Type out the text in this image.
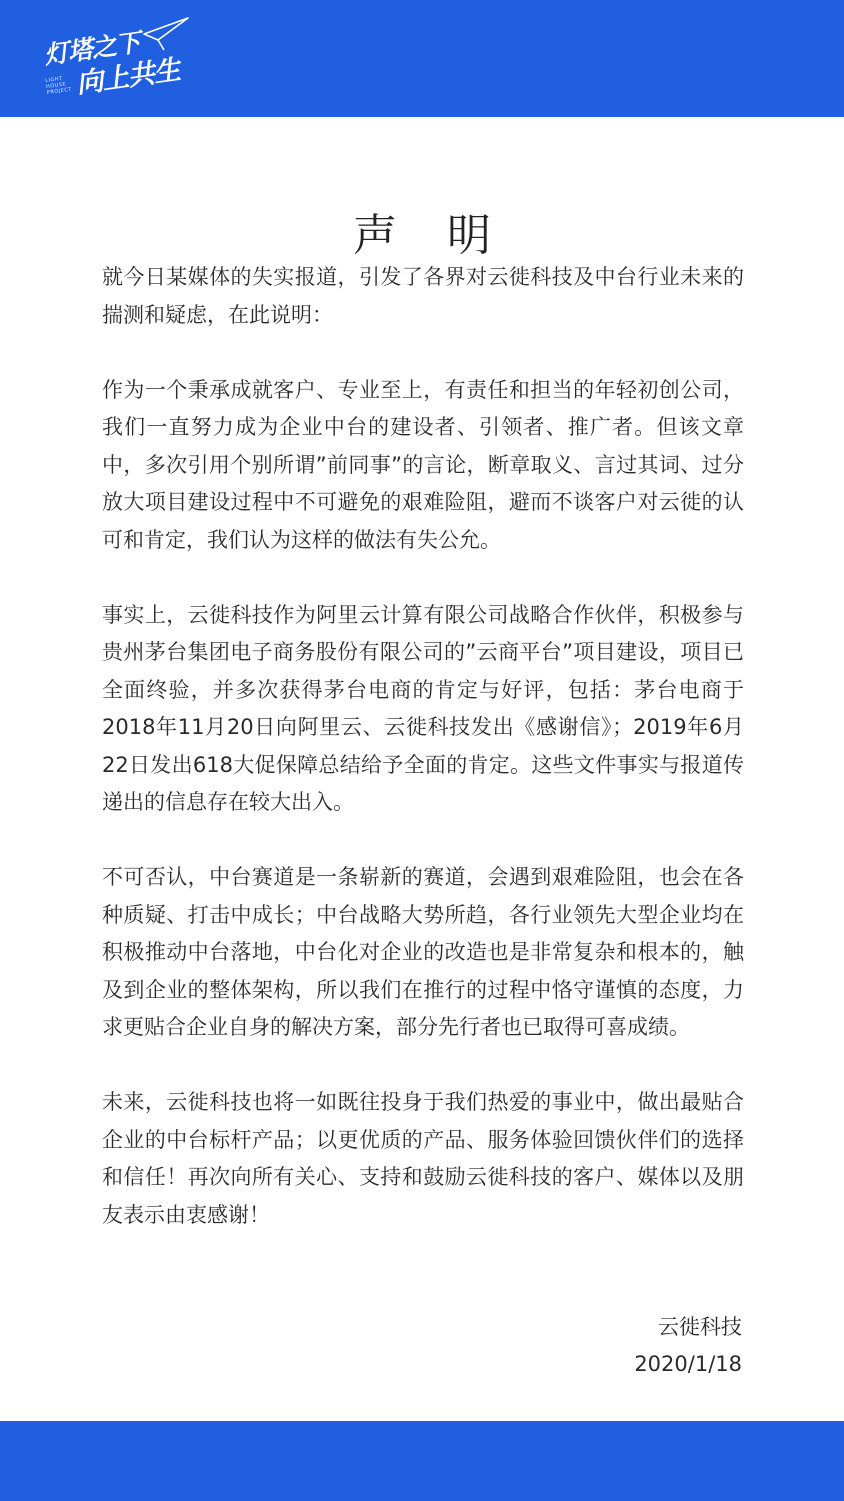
灯塔之下
向上共生
LIGHT HOUSE PROJECT
声 明

就今日某媒体的失实报道，引发了各界对云徙科技及中台行业未来的揣测和疑虑，在此说明：

作为一个秉承成就客户、专业至上，有责任和担当的年轻初创公司，我们一直努力成为企业中台的建设者、引领者、推广者。但该文章中，多次引用个别所谓”前同事”的言论，断章取义、言过其词、过分放大项目建设过程中不可避免的艰难险阻，避而不谈客户对云徙的认可和肯定，我们认为这样的做法有失公允。

事实上，云徙科技作为阿里云计算有限公司战略合作伙伴，积极参与贵州茅台集团电子商务股份有限公司的”云商平台”项目建设，项目已全面终验，并多次获得茅台电商的肯定与好评，包括：茅台电商于2018年11月20日向阿里云、云徙科技发出《感谢信》；2019年6月22日发出618大促保障总结给予全面的肯定。这些文件事实与报道传递出的信息存在较大出入。

不可否认，中台赛道是一条崭新的赛道，会遇到艰难险阻，也会在各种质疑、打击中成长；中台战略大势所趋，各行业领先大型企业均在积极推动中台落地，中台化对企业的改造也是非常复杂和根本的，触及到企业的整体架构，所以我们在推行的过程中恪守谨慎的态度，力求更贴合企业自身的解决方案，部分先行者也已取得可喜成绩。

未来，云徙科技也将一如既往投身于我们热爱的事业中，做出最贴合企业的中台标杆产品；以更优质的产品、服务体验回馈伙伴们的选择和信任！再次向所有关心、支持和鼓励云徙科技的客户、媒体以及朋友表示由衷感谢！

云徙科技
2020/1/18
